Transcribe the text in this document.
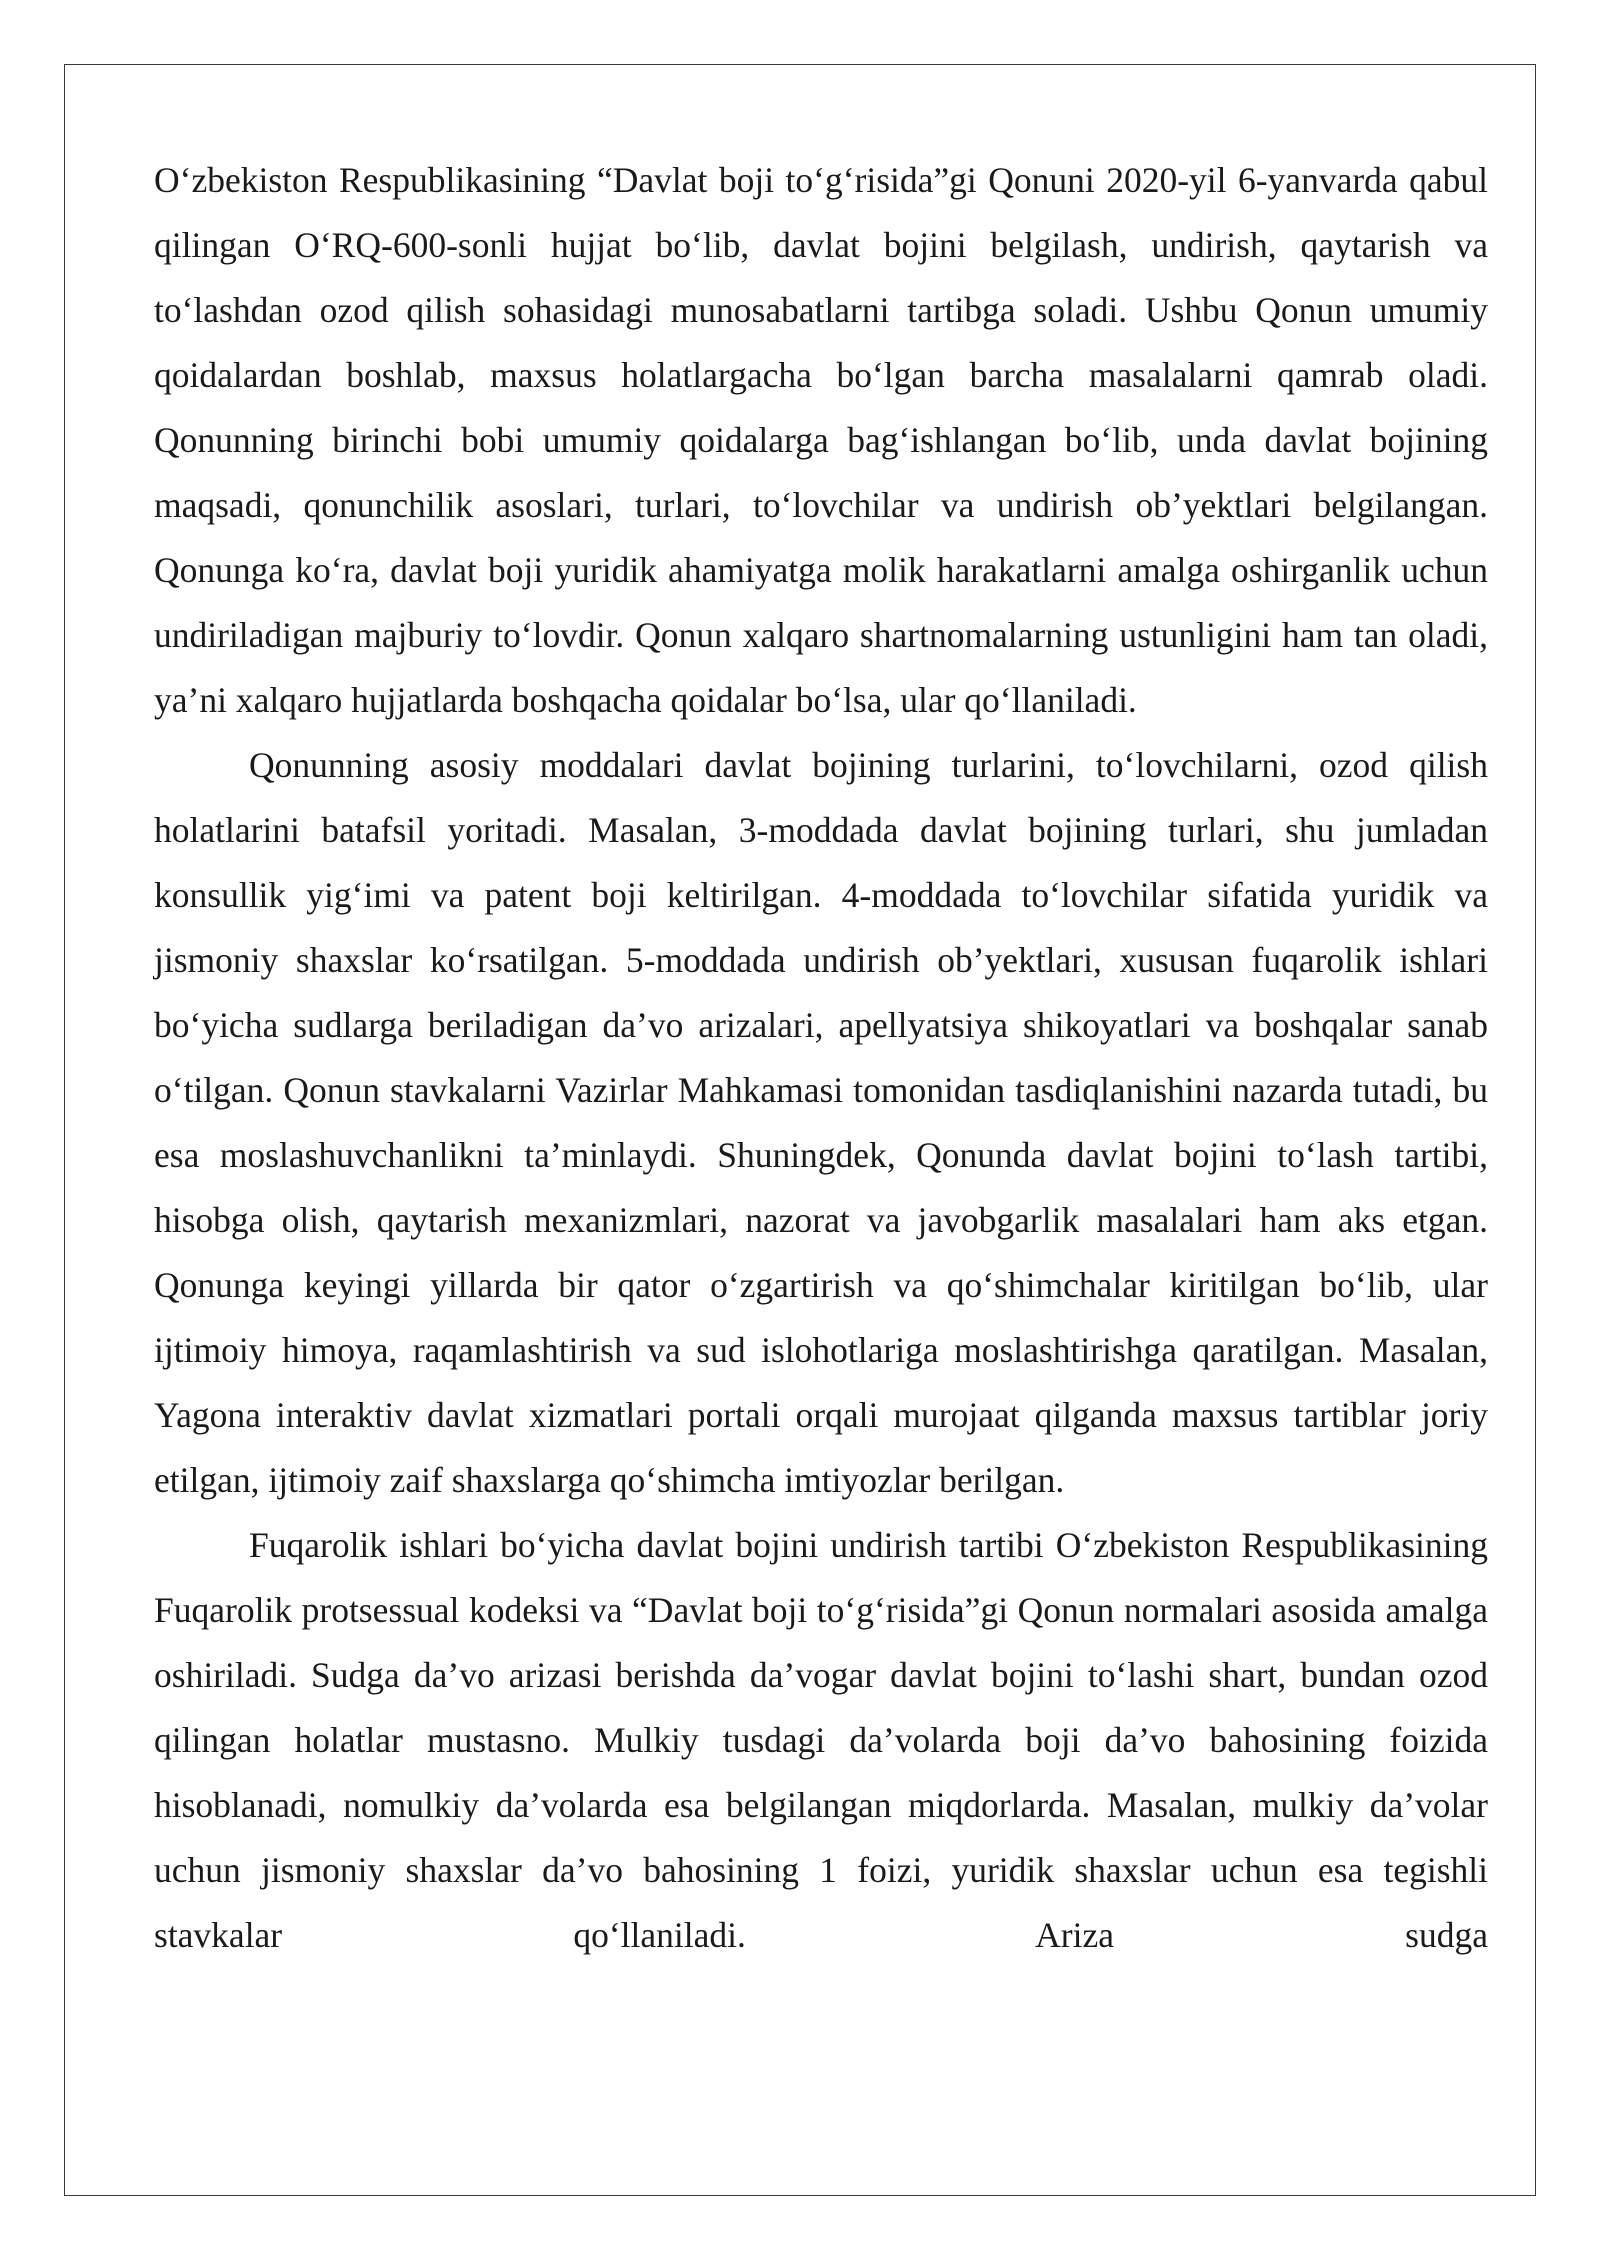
O‘zbekiston Respublikasining “Davlat boji to‘g‘risida”gi Qonuni 2020-yil 6-yanvarda qabul qilingan O‘RQ-600-sonli hujjat bo‘lib, davlat bojini belgilash, undirish, qaytarish va to‘lashdan ozod qilish sohasidagi munosabatlarni tartibga soladi. Ushbu Qonun umumiy qoidalardan boshlab, maxsus holatlargacha bo‘lgan barcha masalalarni qamrab oladi. Qonunning birinchi bobi umumiy qoidalarga bag‘ishlangan bo‘lib, unda davlat bojining maqsadi, qonunchilik asoslari, turlari, to‘lovchilar va undirish ob’yektlari belgilangan. Qonunga ko‘ra, davlat boji yuridik ahamiyatga molik harakatlarni amalga oshirganlik uchun undiriladigan majburiy to‘lovdir. Qonun xalqaro shartnomalarning ustunligini ham tan oladi, ya’ni xalqaro hujjatlarda boshqacha qoidalar bo‘lsa, ular qo‘llaniladi.

Qonunning asosiy moddalari davlat bojining turlarini, to‘lovchilarni, ozod qilish holatlarini batafsil yoritadi. Masalan, 3-moddada davlat bojining turlari, shu jumladan konsullik yig‘imi va patent boji keltirilgan. 4-moddada to‘lovchilar sifatida yuridik va jismoniy shaxslar ko‘rsatilgan. 5-moddada undirish ob’yektlari, xususan fuqarolik ishlari bo‘yicha sudlarga beriladigan da’vo arizalari, apellyatsiya shikoyatlari va boshqalar sanab o‘tilgan. Qonun stavkalarni Vazirlar Mahkamasi tomonidan tasdiqlanishini nazarda tutadi, bu esa moslashuvchanlikni ta’minlaydi. Shuningdek, Qonunda davlat bojini to‘lash tartibi, hisobga olish, qaytarish mexanizmlari, nazorat va javobgarlik masalalari ham aks etgan. Qonunga keyingi yillarda bir qator o‘zgartirish va qo‘shimchalar kiritilgan bo‘lib, ular ijtimoiy himoya, raqamlashtirish va sud islohotlariga moslashtirishga qaratilgan. Masalan, Yagona interaktiv davlat xizmatlari portali orqali murojaat qilganda maxsus tartiblar joriy etilgan, ijtimoiy zaif shaxslarga qo‘shimcha imtiyozlar berilgan.

Fuqarolik ishlari bo‘yicha davlat bojini undirish tartibi O‘zbekiston Respublikasining Fuqarolik protsessual kodeksi va “Davlat boji to‘g‘risida”gi Qonun normalari asosida amalga oshiriladi. Sudga da’vo arizasi berishda da’vogar davlat bojini to‘lashi shart, bundan ozod qilingan holatlar mustasno. Mulkiy tusdagi da’volarda boji da’vo bahosining foizida hisoblanadi, nomulkiy da’volarda esa belgilangan miqdorlarda. Masalan, mulkiy da’volar uchun jismoniy shaxslar da’vo bahosining 1 foizi, yuridik shaxslar uchun esa tegishli stavkalar qo‘llaniladi. Ariza sudga
